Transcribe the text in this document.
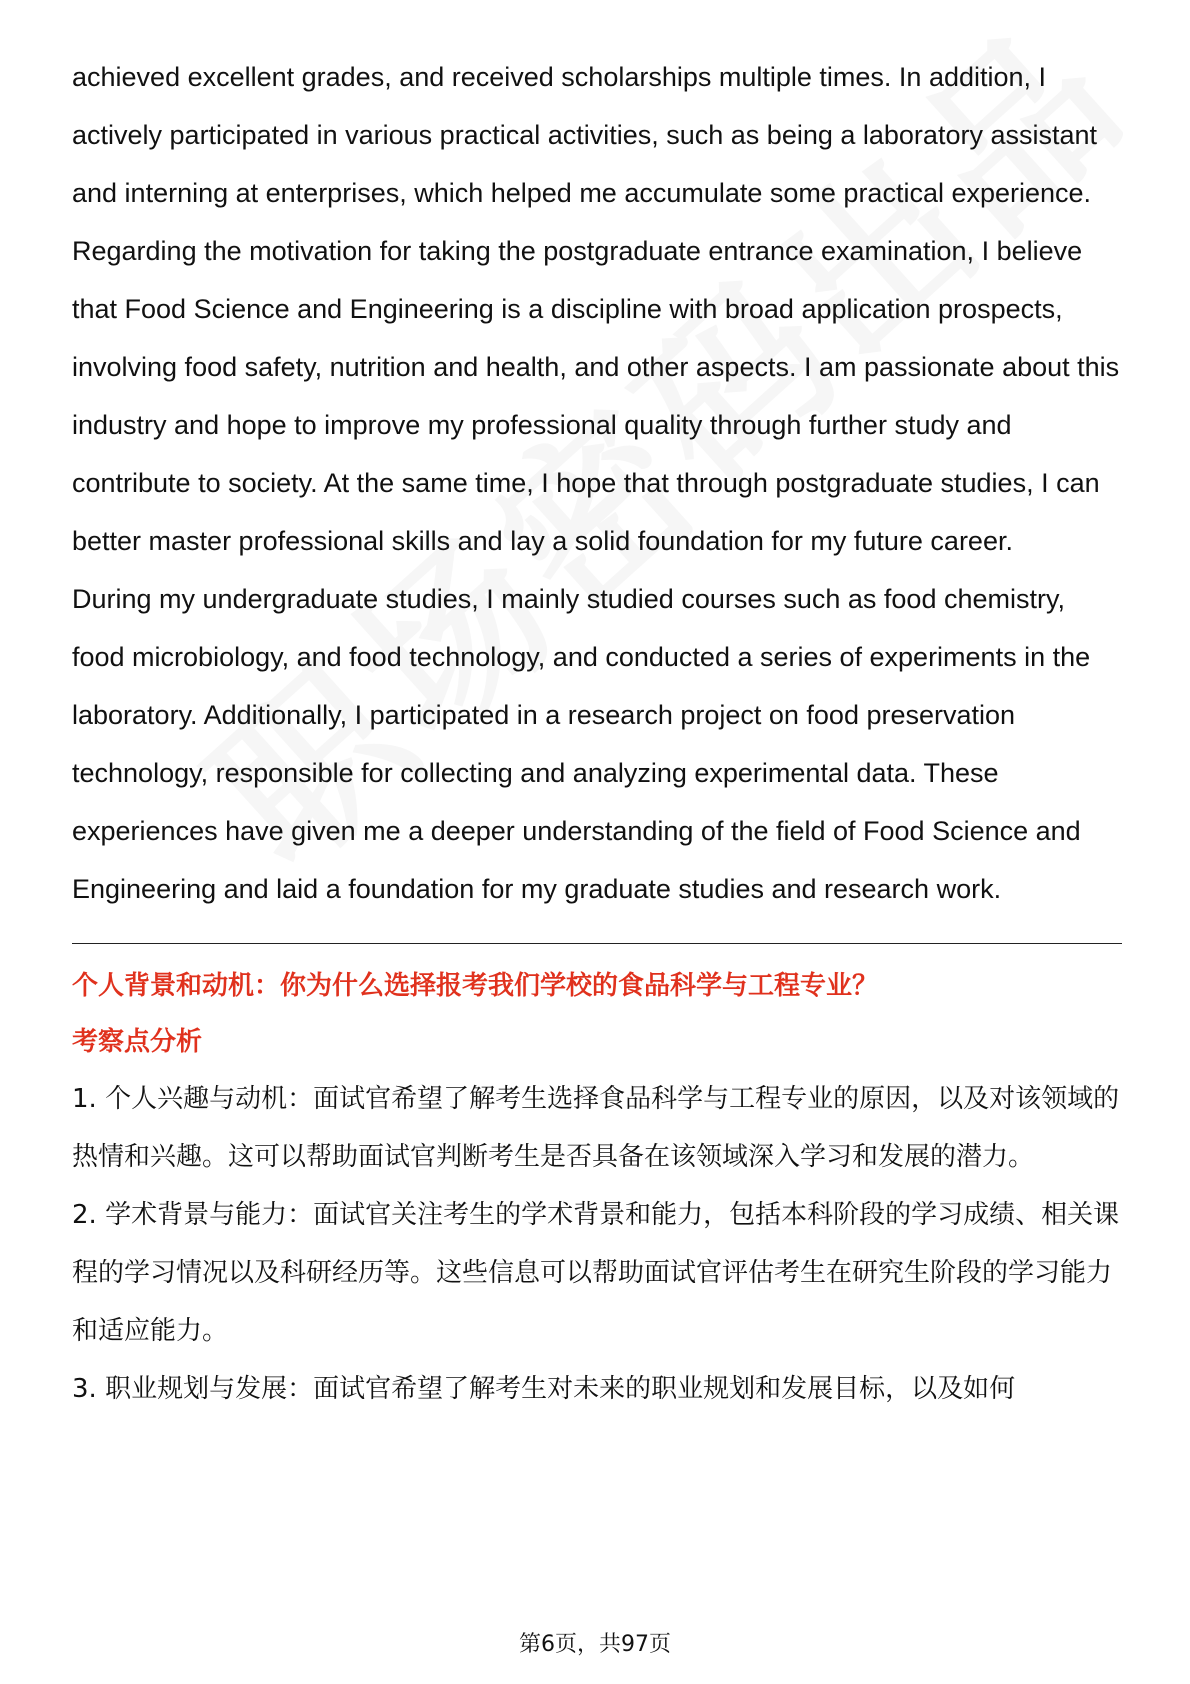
achieved excellent grades, and received scholarships multiple times. In addition, I actively participated in various practical activities, such as being a laboratory assistant and interning at enterprises, which helped me accumulate some practical experience.

Regarding the motivation for taking the postgraduate entrance examination, I believe that Food Science and Engineering is a discipline with broad application prospects, involving food safety, nutrition and health, and other aspects. I am passionate about this industry and hope to improve my professional quality through further study and contribute to society. At the same time, I hope that through postgraduate studies, I can better master professional skills and lay a solid foundation for my future career.

During my undergraduate studies, I mainly studied courses such as food chemistry, food microbiology, and food technology, and conducted a series of experiments in the laboratory. Additionally, I participated in a research project on food preservation technology, responsible for collecting and analyzing experimental data. These experiences have given me a deeper understanding of the field of Food Science and Engineering and laid a foundation for my graduate studies and research work.

个人背景和动机：你为什么选择报考我们学校的食品科学与工程专业？

考察点分析

1. 个人兴趣与动机：面试官希望了解考生选择食品科学与工程专业的原因，以及对该领域的热情和兴趣。这可以帮助面试官判断考生是否具备在该领域深入学习和发展的潜力。

2. 学术背景与能力：面试官关注考生的学术背景和能力，包括本科阶段的学习成绩、相关课程的学习情况以及科研经历等。这些信息可以帮助面试官评估考生在研究生阶段的学习能力和适应能力。

3. 职业规划与发展：面试官希望了解考生对未来的职业规划和发展目标，以及如何

第6页，共97页
